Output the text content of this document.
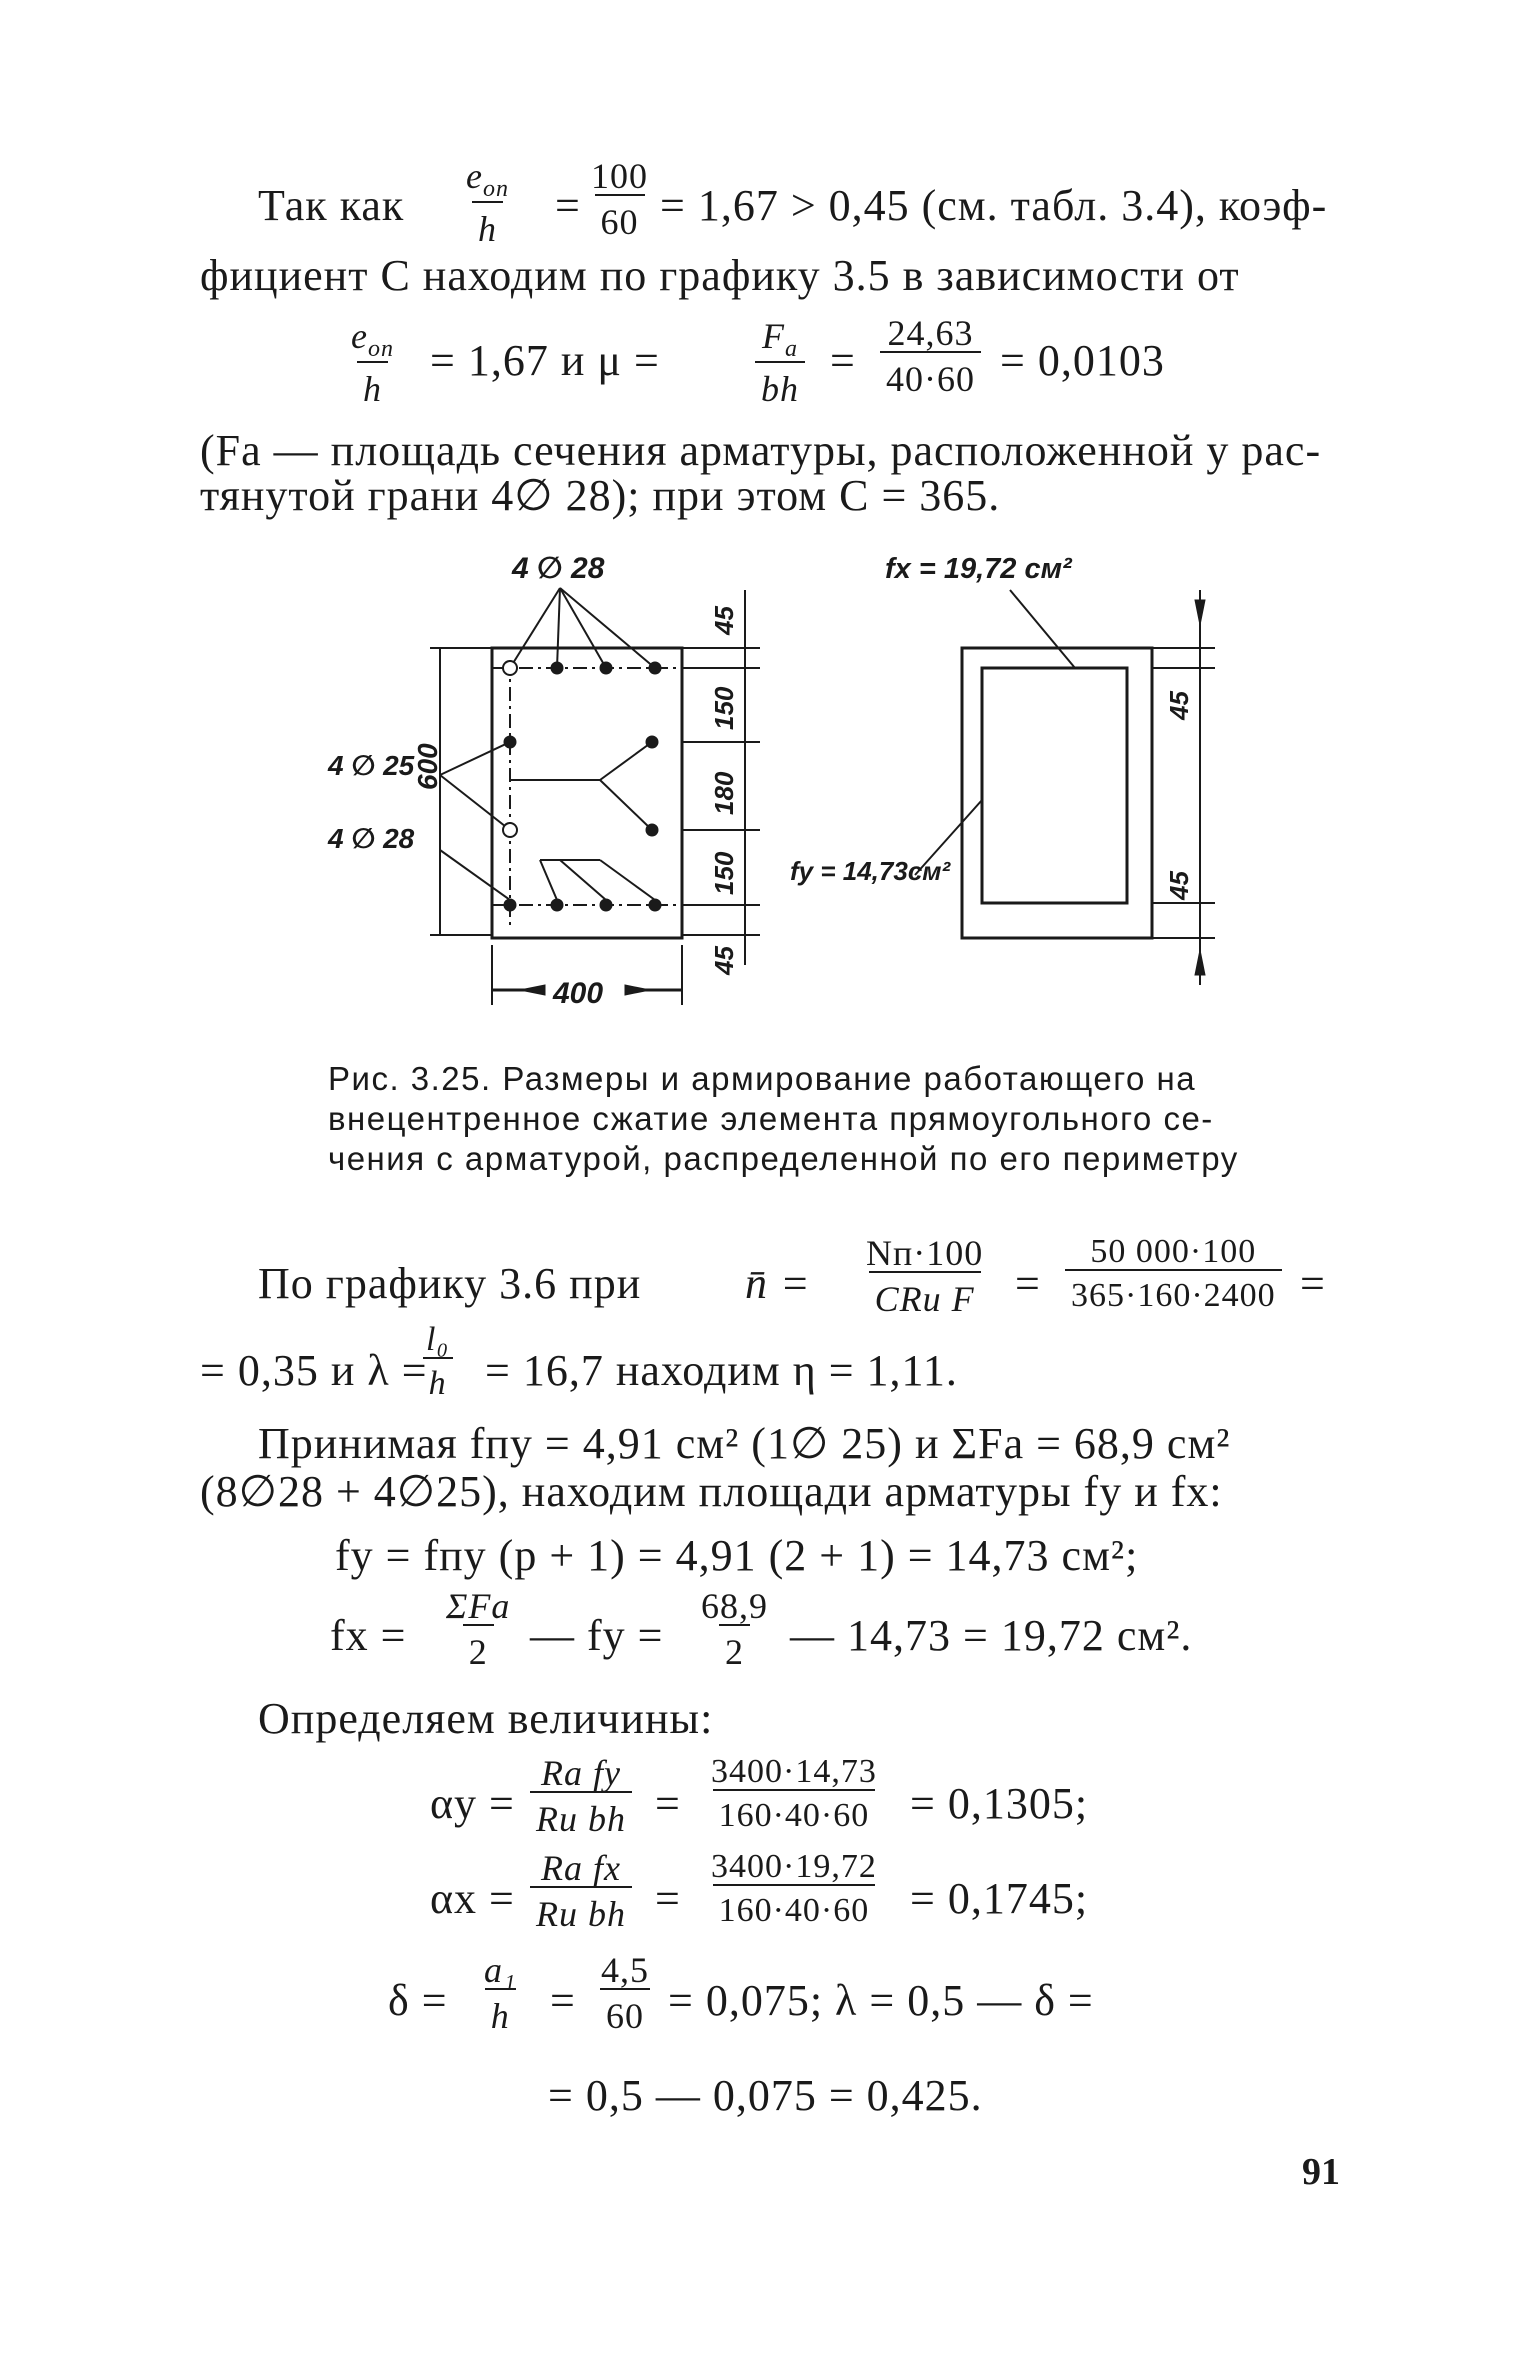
Так как
$e_{оп}$
$h = \frac{100}{60} = 1,67 > 0,45$ (см. табл. 3.4), коэф-
фициент C находим по графику 3.5 в зависимости от
$e_{оп}$
h
= 1,67 и μ =	$F_а$
bh
= $\frac{24,63}{40\cdot 60} = 0,0103$
(Fа — площадь сечения арматуры, расположенной у рас-
тянутой грани 4∅ 28); при этом C = 365.
4 ∅ 28
4 ∅ 25
4 ∅ 28
600
45
150
180
150
45
400
fx = 19,72 см²
fy = 14,73см²
45
45
Рис. 3.25. Размеры и армирование работающего на
внецентренное сжатие элемента прямоугольного се-
чения с арматурой, распределенной по его периметру
По графику 3.6 при n̄ =
Nп·100
CRи $F = \frac{50 000\cdot 100}{365\cdot 160\cdot 2400}$ =
= 0,35 и λ =
$\frac{\text{l₀}}{h} = 16,7$ находим η = 1,11.
Принимая fпу = 4,91 см² (1∅ 25) и ΣFа = 68,9 см²
(8∅28 + 4∅25), находим площади арматуры fy и fx:
fy = fпу (p + 1) = 4,91 (2 + 1) = 14,73 см²;
fx =
ΣFа
2 — fy = $\frac{68,9}{2}$ — 14,73 = 19,72 см².
Определяем величины:
αy =
Rа fy
Rи bh = $\frac{3400\cdot 14,73}{160\cdot 40\cdot 60} = 0,1305$;
αx =
Rа fx
Rи bh = $\frac{3400\cdot 19,72}{160\cdot 40\cdot 60} = 0,1745$;
$\delta = \frac{\text{a₁}}{h} = \frac{4,5}{60} = 0,075$; λ = 0,5 — δ =
= 0,5 — 0,075 = 0,425.
91
